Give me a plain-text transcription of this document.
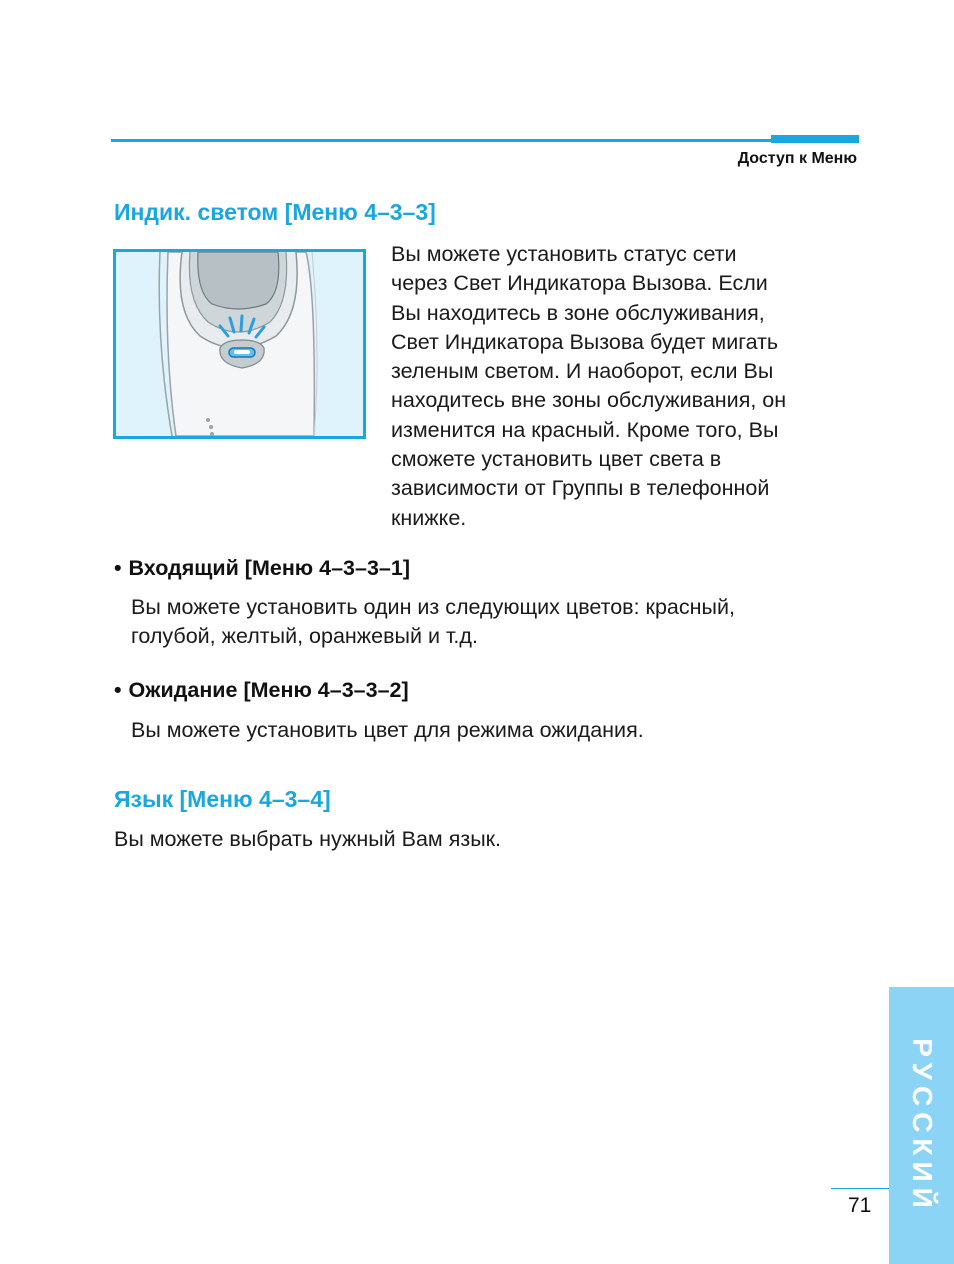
Доступ к Меню
Индик. светом [Меню 4–3–3]

Вы можете установить статус сети
через Свет Индикатора Вызова. Если
Вы находитесь в зоне обслуживания,
Свет Индикатора Вызова будет мигать
зеленым светом. И наоборот, если Вы
находитесь вне зоны обслуживания, он
изменится на красный. Кроме того, Вы
сможете установить цвет света в
зависимости от Группы в телефонной
книжке.

• Входящий [Меню 4–3–3–1]

Вы можете установить один из следующих цветов: красный,
голубой, желтый, оранжевый и т.д.

• Ожидание [Меню 4–3–3–2]

Вы можете установить цвет для режима ожидания.

Язык [Меню 4–3–4]

Вы можете выбрать нужный Вам язык.

РУССКИЙ
71
